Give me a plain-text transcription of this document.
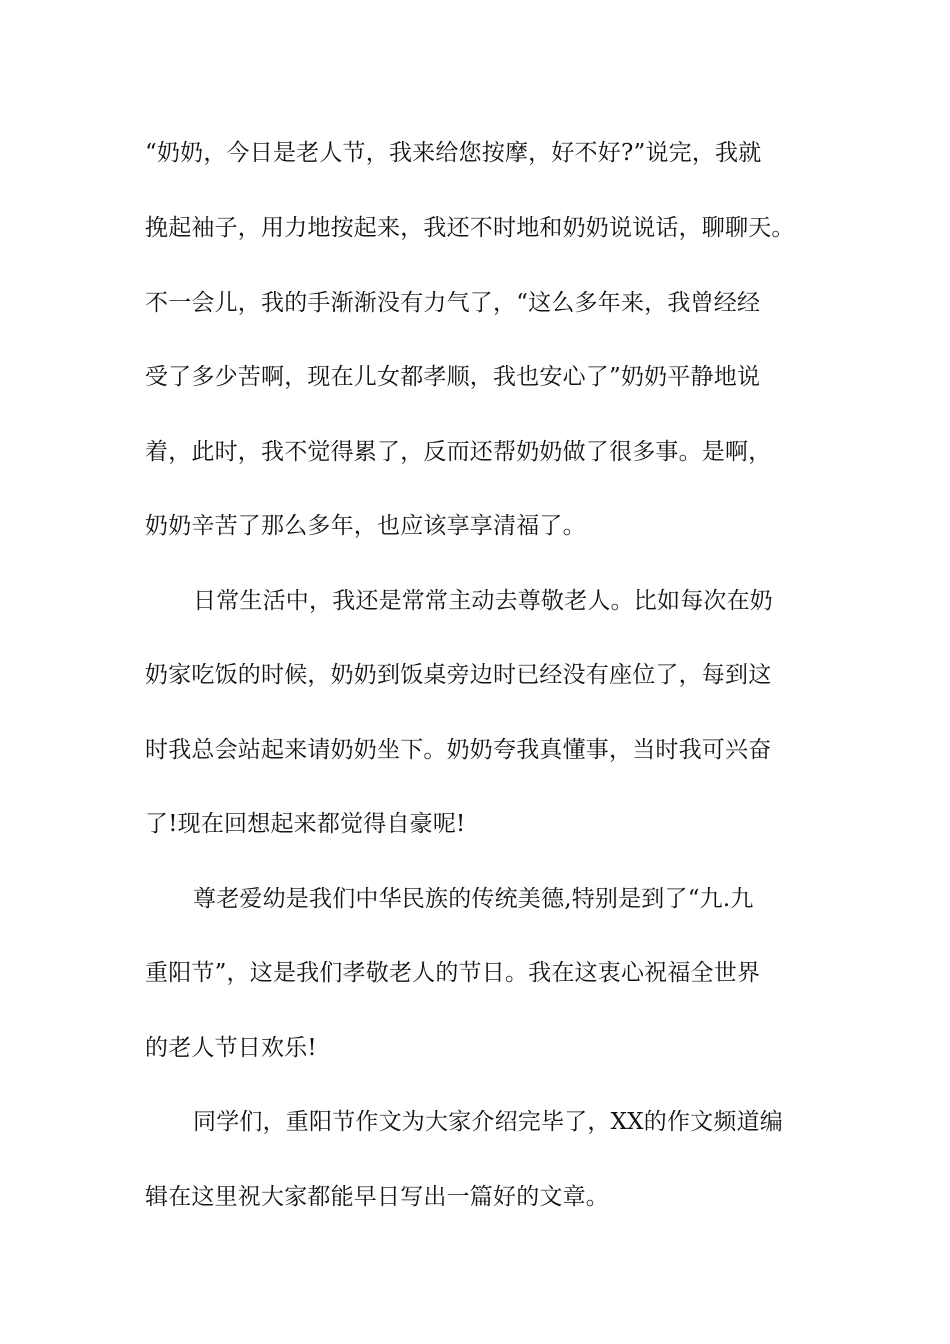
“奶奶，今日是老人节，我来给您按摩，好不好?”说完，我就
挽起袖子，用力地按起来，我还不时地和奶奶说说话，聊聊天。
不一会儿，我的手渐渐没有力气了，“这么多年来，我曾经经
受了多少苦啊，现在儿女都孝顺，我也安心了”奶奶平静地说
着，此时，我不觉得累了，反而还帮奶奶做了很多事。是啊，
奶奶辛苦了那么多年，也应该享享清福了。
日常生活中，我还是常常主动去尊敬老人。比如每次在奶
奶家吃饭的时候，奶奶到饭桌旁边时已经没有座位了，每到这
时我总会站起来请奶奶坐下。奶奶夸我真懂事，当时我可兴奋
了!现在回想起来都觉得自豪呢!
尊老爱幼是我们中华民族的传统美德,特别是到了“九.九
重阳节”，这是我们孝敬老人的节日。我在这衷心祝福全世界
的老人节日欢乐!
同学们，重阳节作文为大家介绍完毕了，XX的作文频道编
辑在这里祝大家都能早日写出一篇好的文章。
